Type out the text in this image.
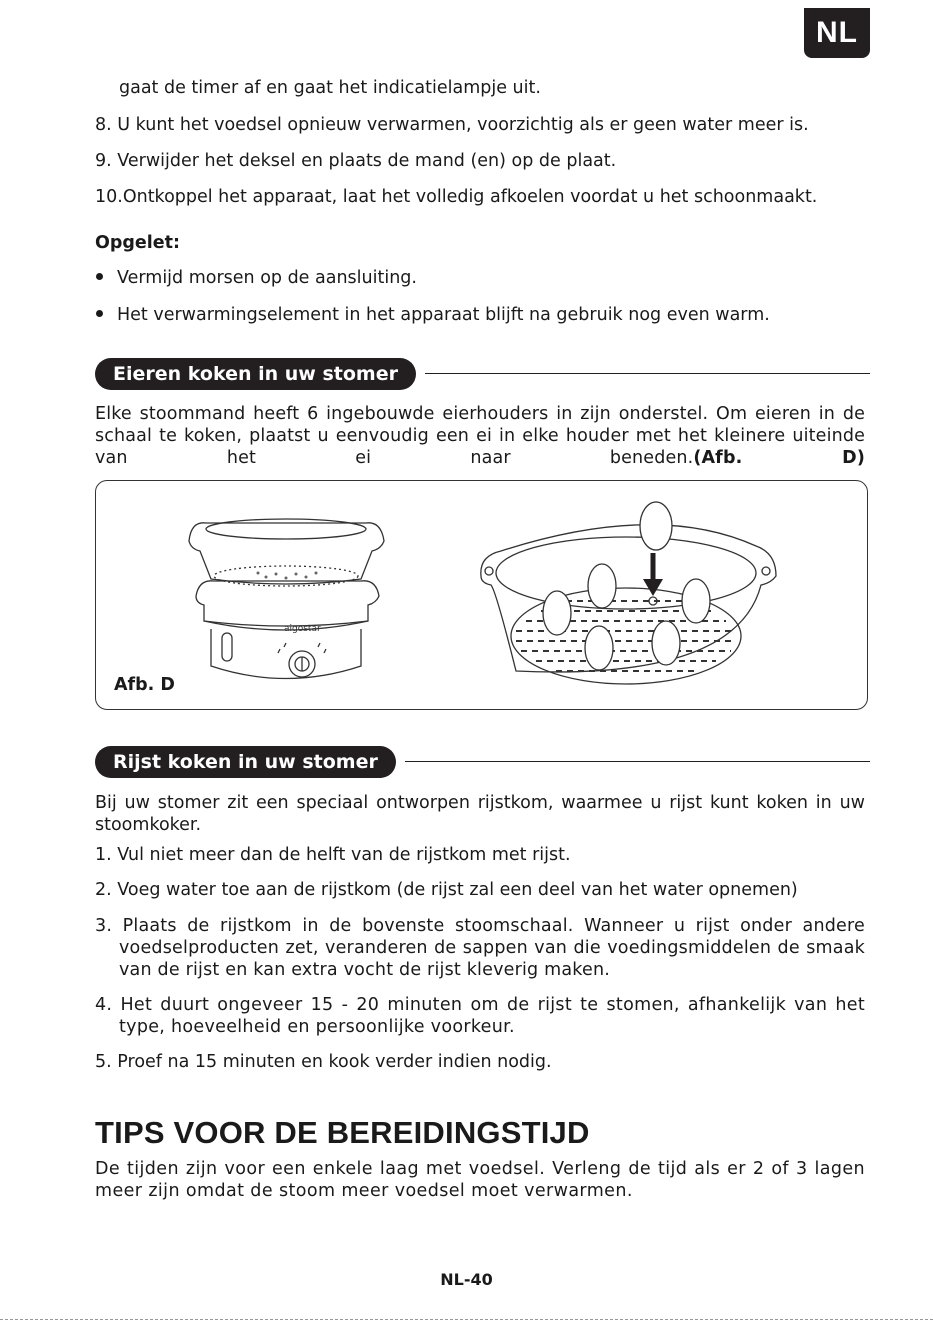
NL
gaat de timer af en gaat het indicatielampje uit.
8. U kunt het voedsel opnieuw verwarmen, voorzichtig als er geen water meer is.
9. Verwijder het deksel en plaats de mand (en) op de plaat.
10.Ontkoppel het apparaat, laat het volledig afkoelen voordat u het schoonmaakt.
Opgelet:
Vermijd morsen op de aansluiting.
Het verwarmingselement in het apparaat blijft na gebruik nog even warm.
Eieren koken in uw stomer
Elke stoommand heeft 6 ingebouwde eierhouders in zijn onderstel. Om eieren in de schaal te koken, plaatst u eenvoudig een ei in elke houder met het kleinere uiteinde van het ei naar beneden.(Afb. D)
aigostar
Afb. D
Rijst koken in uw stomer
Bij uw stomer zit een speciaal ontworpen rijstkom, waarmee u rijst kunt koken in uw stoomkoker.
1. Vul niet meer dan de helft van de rijstkom met rijst.
2. Voeg water toe aan de rijstkom (de rijst zal een deel van het water opnemen)
3. Plaats de rijstkom in de bovenste stoomschaal. Wanneer u rijst onder andere voedselproducten zet, veranderen de sappen van die voedingsmiddelen de smaak van de rijst en kan extra vocht de rijst kleverig maken.
4. Het duurt ongeveer 15 - 20 minuten om de rijst te stomen, afhankelijk van het type, hoeveelheid en persoonlijke voorkeur.
5. Proef na 15 minuten en kook verder indien nodig.
TIPS VOOR DE BEREIDINGSTIJD
De tijden zijn voor een enkele laag met voedsel. Verleng de tijd als er 2 of 3 lagen meer zijn omdat de stoom meer voedsel moet verwarmen.
NL-40
